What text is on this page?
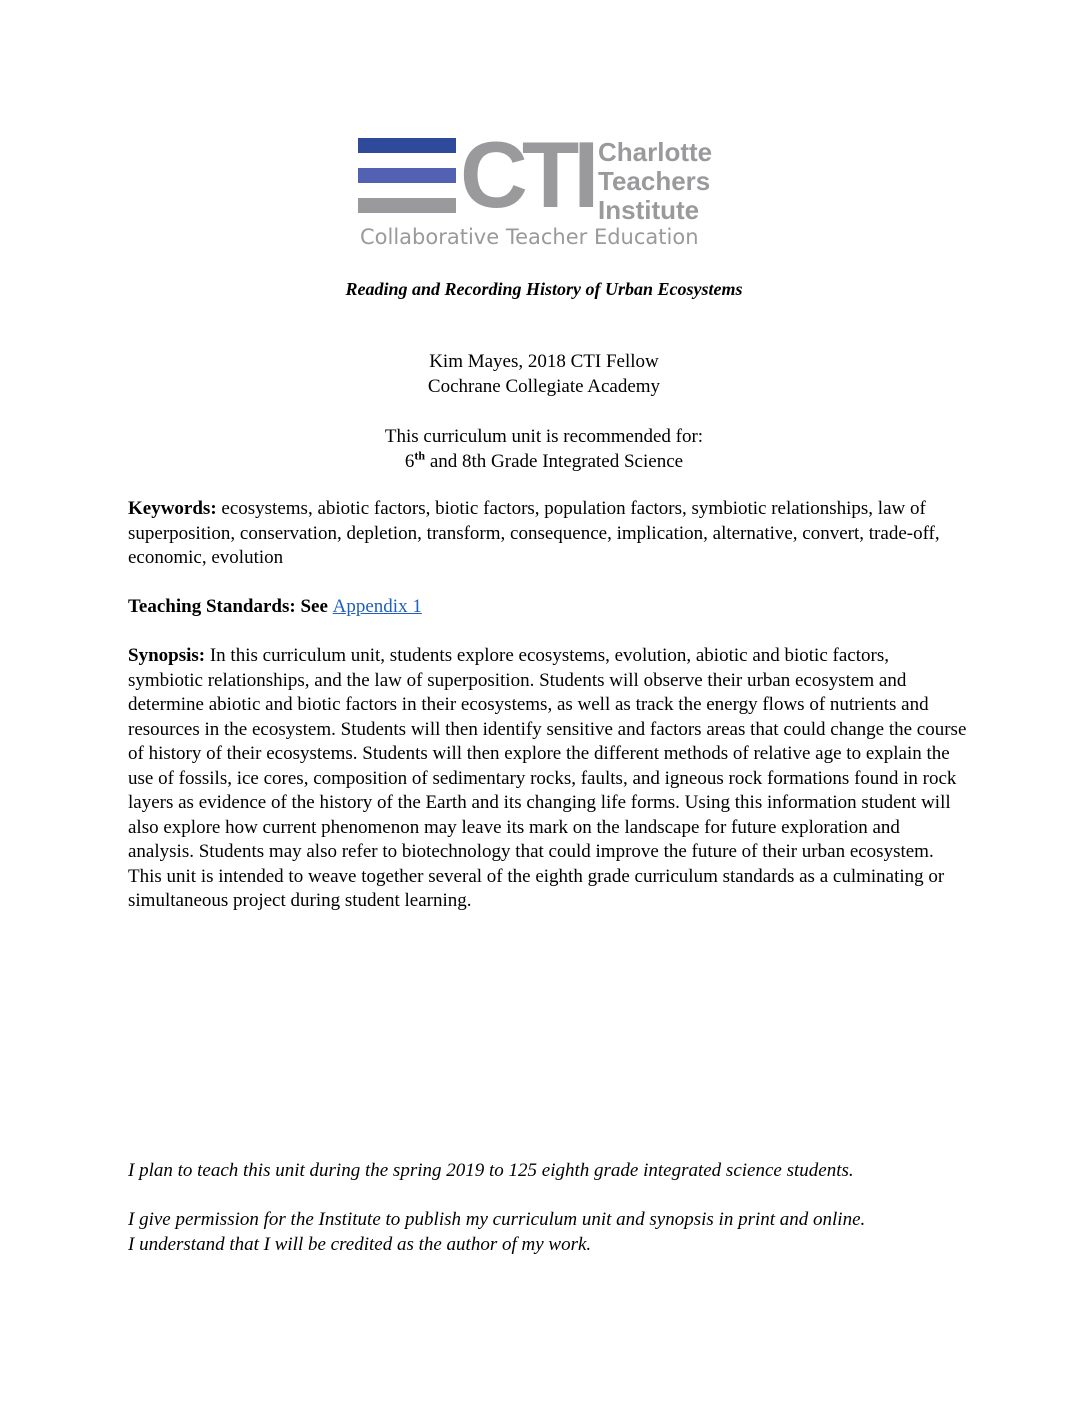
CTI Charlotte
Teachers
Institute
Collaborative Teacher Education
Reading and Recording History of Urban Ecosystems
Kim Mayes, 2018 CTI Fellow
Cochrane Collegiate Academy
This curriculum unit is recommended for:
6th and 8th Grade Integrated Science
Keywords: ecosystems, abiotic factors, biotic factors, population factors, symbiotic relationships, law of superposition, conservation, depletion, transform, consequence, implication, alternative, convert, trade-off, economic, evolution
Teaching Standards: See Appendix 1
Synopsis: In this curriculum unit, students explore ecosystems, evolution, abiotic and biotic factors, symbiotic relationships, and the law of superposition. Students will observe their urban ecosystem and determine abiotic and biotic factors in their ecosystems, as well as track the energy flows of nutrients and resources in the ecosystem. Students will then identify sensitive and factors areas that could change the course of history of their ecosystems. Students will then explore the different methods of relative age to explain the use of fossils, ice cores, composition of sedimentary rocks, faults, and igneous rock formations found in rock layers as evidence of the history of the Earth and its changing life forms. Using this information student will also explore how current phenomenon may leave its mark on the landscape for future exploration and analysis. Students may also refer to biotechnology that could improve the future of their urban ecosystem. This unit is intended to weave together several of the eighth grade curriculum standards as a culminating or simultaneous project during student learning.
I plan to teach this unit during the spring 2019 to 125 eighth grade integrated science students.
I give permission for the Institute to publish my curriculum unit and synopsis in print and online.
I understand that I will be credited as the author of my work.
